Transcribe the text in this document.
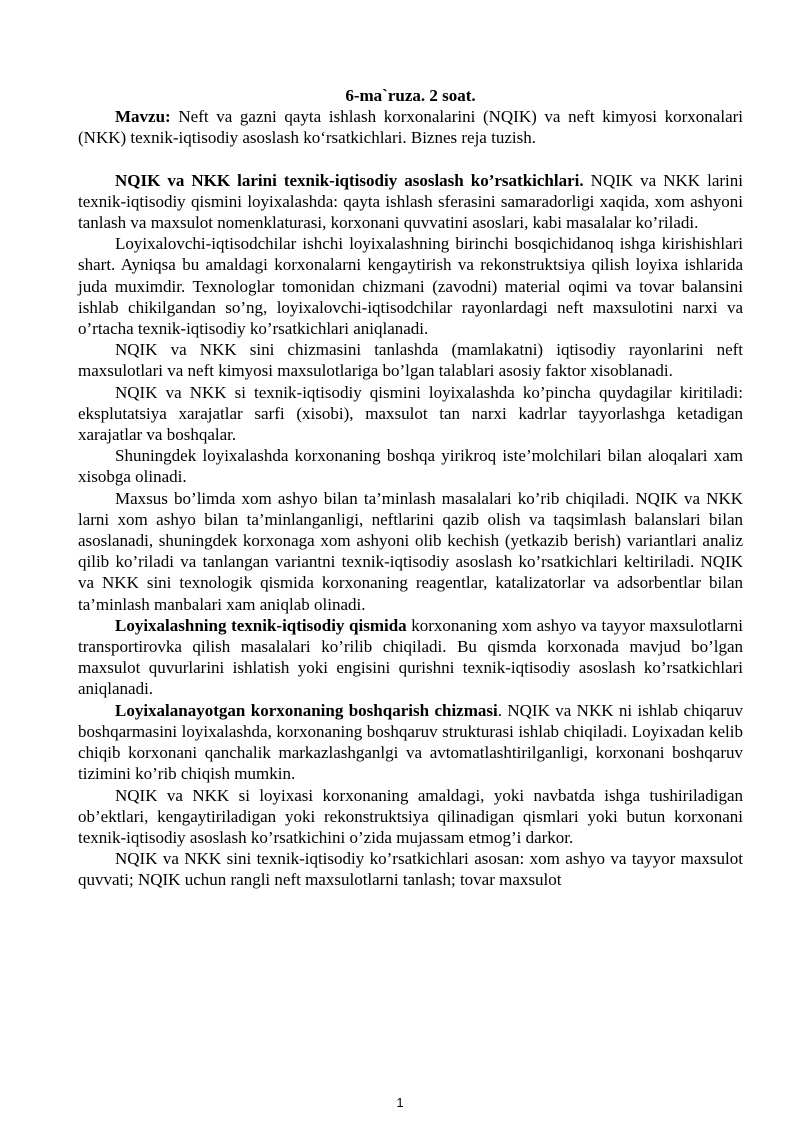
6-ma`ruza. 2 soat.

Mavzu: Neft va gazni qayta ishlash korxonalarini (NQIK) va neft kimyosi korxonalari (NKK) texnik-iqtisodiy asoslash ko‘rsatkichlari. Biznes reja tuzish.

NQIK va NKK larini texnik-iqtisodiy asoslash ko’rsatkichlari. NQIK va NKK larini texnik-iqtisodiy qismini loyixalashda: qayta ishlash sferasini samaradorligi xaqida, xom ashyoni tanlash va maxsulot nomenklaturasi, korxonani quvvatini asoslari, kabi masalalar ko’riladi.

Loyixalovchi-iqtisodchilar ishchi loyixalashning birinchi bosqichidanoq ishga kirishishlari shart. Ayniqsa bu amaldagi korxonalarni kengaytirish va rekonstruktsiya qilish loyixa ishlarida juda muximdir. Texnologlar tomonidan chizmani (zavodni) material oqimi va tovar balansini ishlab chikilgandan so’ng, loyixalovchi-iqtisodchilar rayonlardagi neft maxsulotini narxi va o’rtacha texnik-iqtisodiy ko’rsatkichlari aniqlanadi.

NQIK va NKK sini chizmasini tanlashda (mamlakatni) iqtisodiy rayonlarini neft maxsulotlari va neft kimyosi maxsulotlariga bo’lgan talablari asosiy faktor xisoblanadi.

NQIK va NKK si texnik-iqtisodiy qismini loyixalashda ko’pincha quydagilar kiritiladi: eksplutatsiya xarajatlar sarfi (xisobi), maxsulot tan narxi kadrlar tayyorlashga ketadigan xarajatlar va boshqalar.

Shuningdek loyixalashda korxonaning boshqa yirikroq iste’molchilari bilan aloqalari xam xisobga olinadi.

Maxsus bo’limda xom ashyo bilan ta’minlash masalalari ko’rib chiqiladi. NQIK va NKK larni xom ashyo bilan ta’minlanganligi, neftlarini qazib olish va taqsimlash balanslari bilan asoslanadi, shuningdek korxonaga xom ashyoni olib kechish (yetkazib berish) variantlari analiz qilib ko’riladi va tanlangan variantni texnik-iqtisodiy asoslash ko’rsatkichlari keltiriladi. NQIK va NKK sini texnologik qismida korxonaning reagentlar, katalizatorlar va adsorbentlar bilan ta’minlash manbalari xam aniqlab olinadi.

Loyixalashning texnik-iqtisodiy qismida korxonaning xom ashyo va tayyor maxsulotlarni transportirovka qilish masalalari ko’rilib chiqiladi. Bu qismda korxonada mavjud bo’lgan maxsulot quvurlarini ishlatish yoki engisini qurishni texnik-iqtisodiy asoslash ko’rsatkichlari aniqlanadi.

Loyixalanayotgan korxonaning boshqarish chizmasi. NQIK va NKK ni ishlab chiqaruv boshqarmasini loyixalashda, korxonaning boshqaruv strukturasi ishlab chiqiladi. Loyixadan kelib chiqib korxonani qanchalik markazlashganlgi va avtomatlashtirilganligi, korxonani boshqaruv tizimini ko’rib chiqish mumkin.

NQIK va NKK si loyixasi korxonaning amaldagi, yoki navbatda ishga tushiriladigan ob’ektlari, kengaytiriladigan yoki rekonstruktsiya qilinadigan qismlari yoki butun korxonani texnik-iqtisodiy asoslash ko’rsatkichini o’zida mujassam etmog’i darkor.

NQIK va NKK sini texnik-iqtisodiy ko’rsatkichlari asosan: xom ashyo va tayyor maxsulot quvvati; NQIK uchun rangli neft maxsulotlarni tanlash; tovar maxsulot

1
